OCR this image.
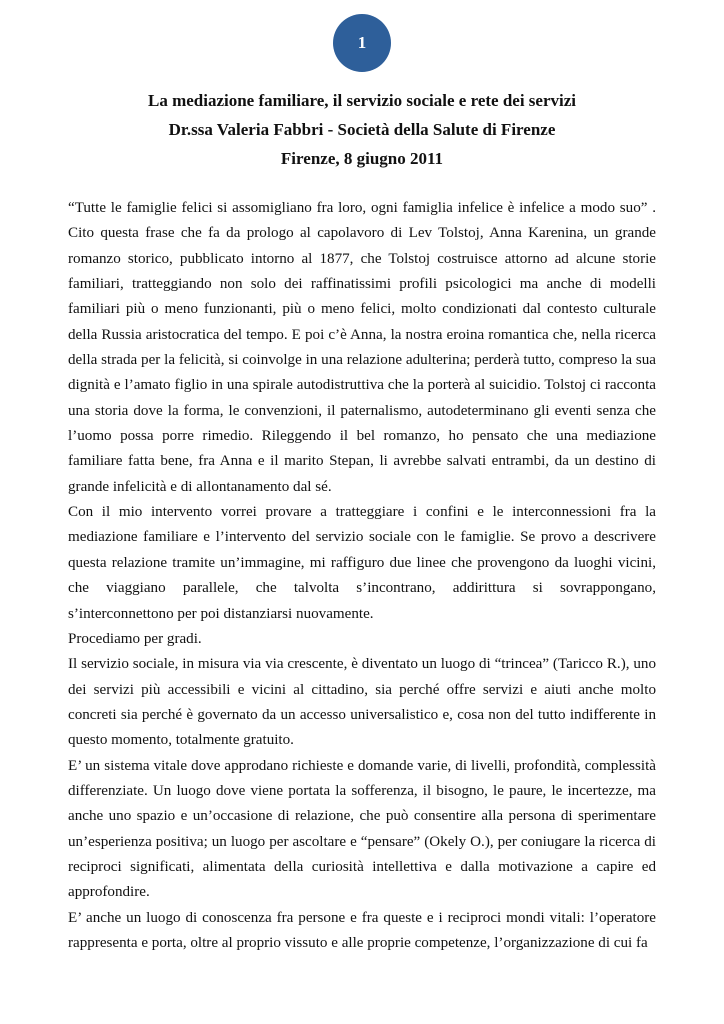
1

La mediazione familiare, il servizio sociale e rete dei servizi

Dr.ssa Valeria Fabbri - Società della Salute di Firenze

Firenze, 8 giugno 2011

“Tutte le famiglie felici si assomigliano fra loro, ogni famiglia infelice è infelice a modo suo” . Cito questa frase che fa da prologo al capolavoro di Lev Tolstoj, Anna Karenina, un grande romanzo storico, pubblicato intorno al 1877, che Tolstoj costruisce attorno ad alcune storie familiari, tratteggiando non solo dei raffinatissimi profili psicologici ma anche di modelli familiari più o meno funzionanti, più o meno felici, molto condizionati dal contesto culturale della Russia aristocratica del tempo. E poi c’è Anna, la nostra eroina romantica che, nella ricerca della strada per la felicità, si coinvolge in una relazione adulterina; perderà tutto, compreso la sua dignità e l’amato figlio in una spirale autodistruttiva che la porterà al suicidio. Tolstoj ci racconta una storia dove la forma, le convenzioni, il paternalismo, autodeterminano gli eventi senza che l’uomo possa porre rimedio. Rileggendo il bel romanzo, ho pensato che una mediazione familiare fatta bene, fra Anna e il marito Stepan, li avrebbe salvati entrambi, da un destino di grande infelicità e di allontanamento dal sé.

Con il mio intervento vorrei provare a tratteggiare i confini e le interconnessioni fra la mediazione familiare e l’intervento del servizio sociale con le famiglie. Se provo a descrivere questa relazione tramite un’immagine, mi raffiguro due linee che provengono da luoghi vicini, che viaggiano parallele, che talvolta s’incontrano, addirittura si sovrappongano, s’interconnettono per poi distanziarsi nuovamente.

Procediamo per gradi.

Il servizio sociale, in misura via via crescente, è diventato un luogo di “trincea” (Taricco R.), uno dei servizi più accessibili e vicini al cittadino, sia perché offre servizi e aiuti anche molto concreti sia perché è governato da un accesso universalistico e, cosa non del tutto indifferente in questo momento, totalmente gratuito.

E’ un sistema vitale dove approdano richieste e domande varie, di livelli, profondità, complessità differenziate. Un luogo dove viene portata la sofferenza, il bisogno, le paure, le incertezze, ma anche uno spazio e un’occasione di relazione, che può consentire alla persona di sperimentare un’esperienza positiva; un luogo per ascoltare e “pensare” (Okely O.), per coniugare la ricerca di reciproci significati, alimentata della curiosità intellettiva e dalla motivazione a capire ed approfondire.

E’ anche un luogo di conoscenza fra persone e fra queste e i reciproci mondi vitali: l’operatore rappresenta e porta, oltre al proprio vissuto e alle proprie competenze, l’organizzazione di cui fa
